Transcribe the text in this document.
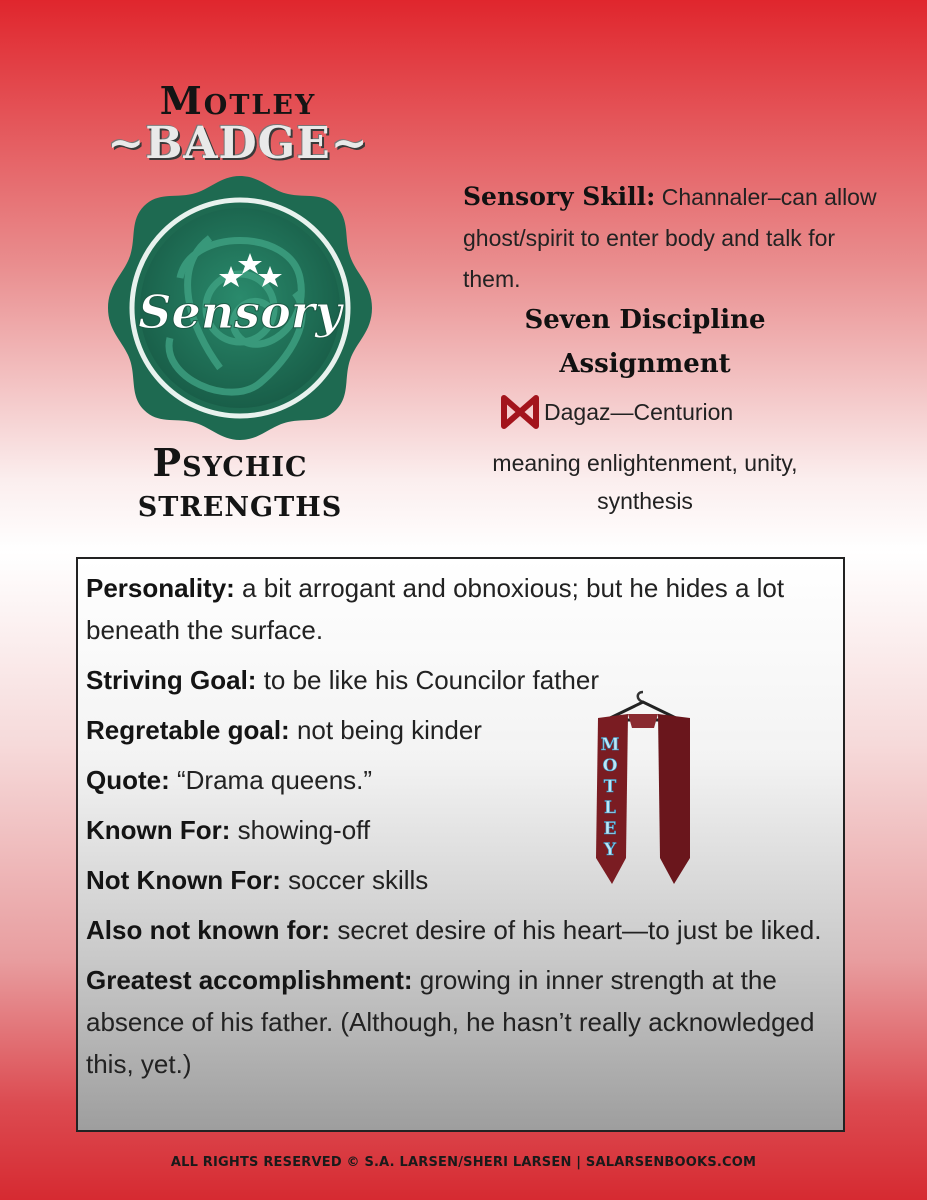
Motley
~BADGE~
Sensory
Psychic
strengths
Sensory Skill: Channaler–can allow ghost/spirit to enter body and talk for them.
Seven Discipline
Assignment
Dagaz—Centurion
meaning enlightenment, unity, synthesis

Personality: a bit arrogant and obnoxious; but he hides a lot beneath the surface.

Striving Goal: to be like his Councilor father

Regretable goal: not being kinder

Quote: “Drama queens.”

Known For: showing-off

Not Known For: soccer skills

Also not known for: secret desire of his heart—to just be liked.

Greatest accomplishment: growing in inner strength at the absence of his father. (Although, he hasn’t really acknowledged this, yet.)

M
O
T
L
E
Y
ALL RIGHTS RESERVED © S.A. LARSEN/SHERI LARSEN | SALARSENBOOKS.COM
